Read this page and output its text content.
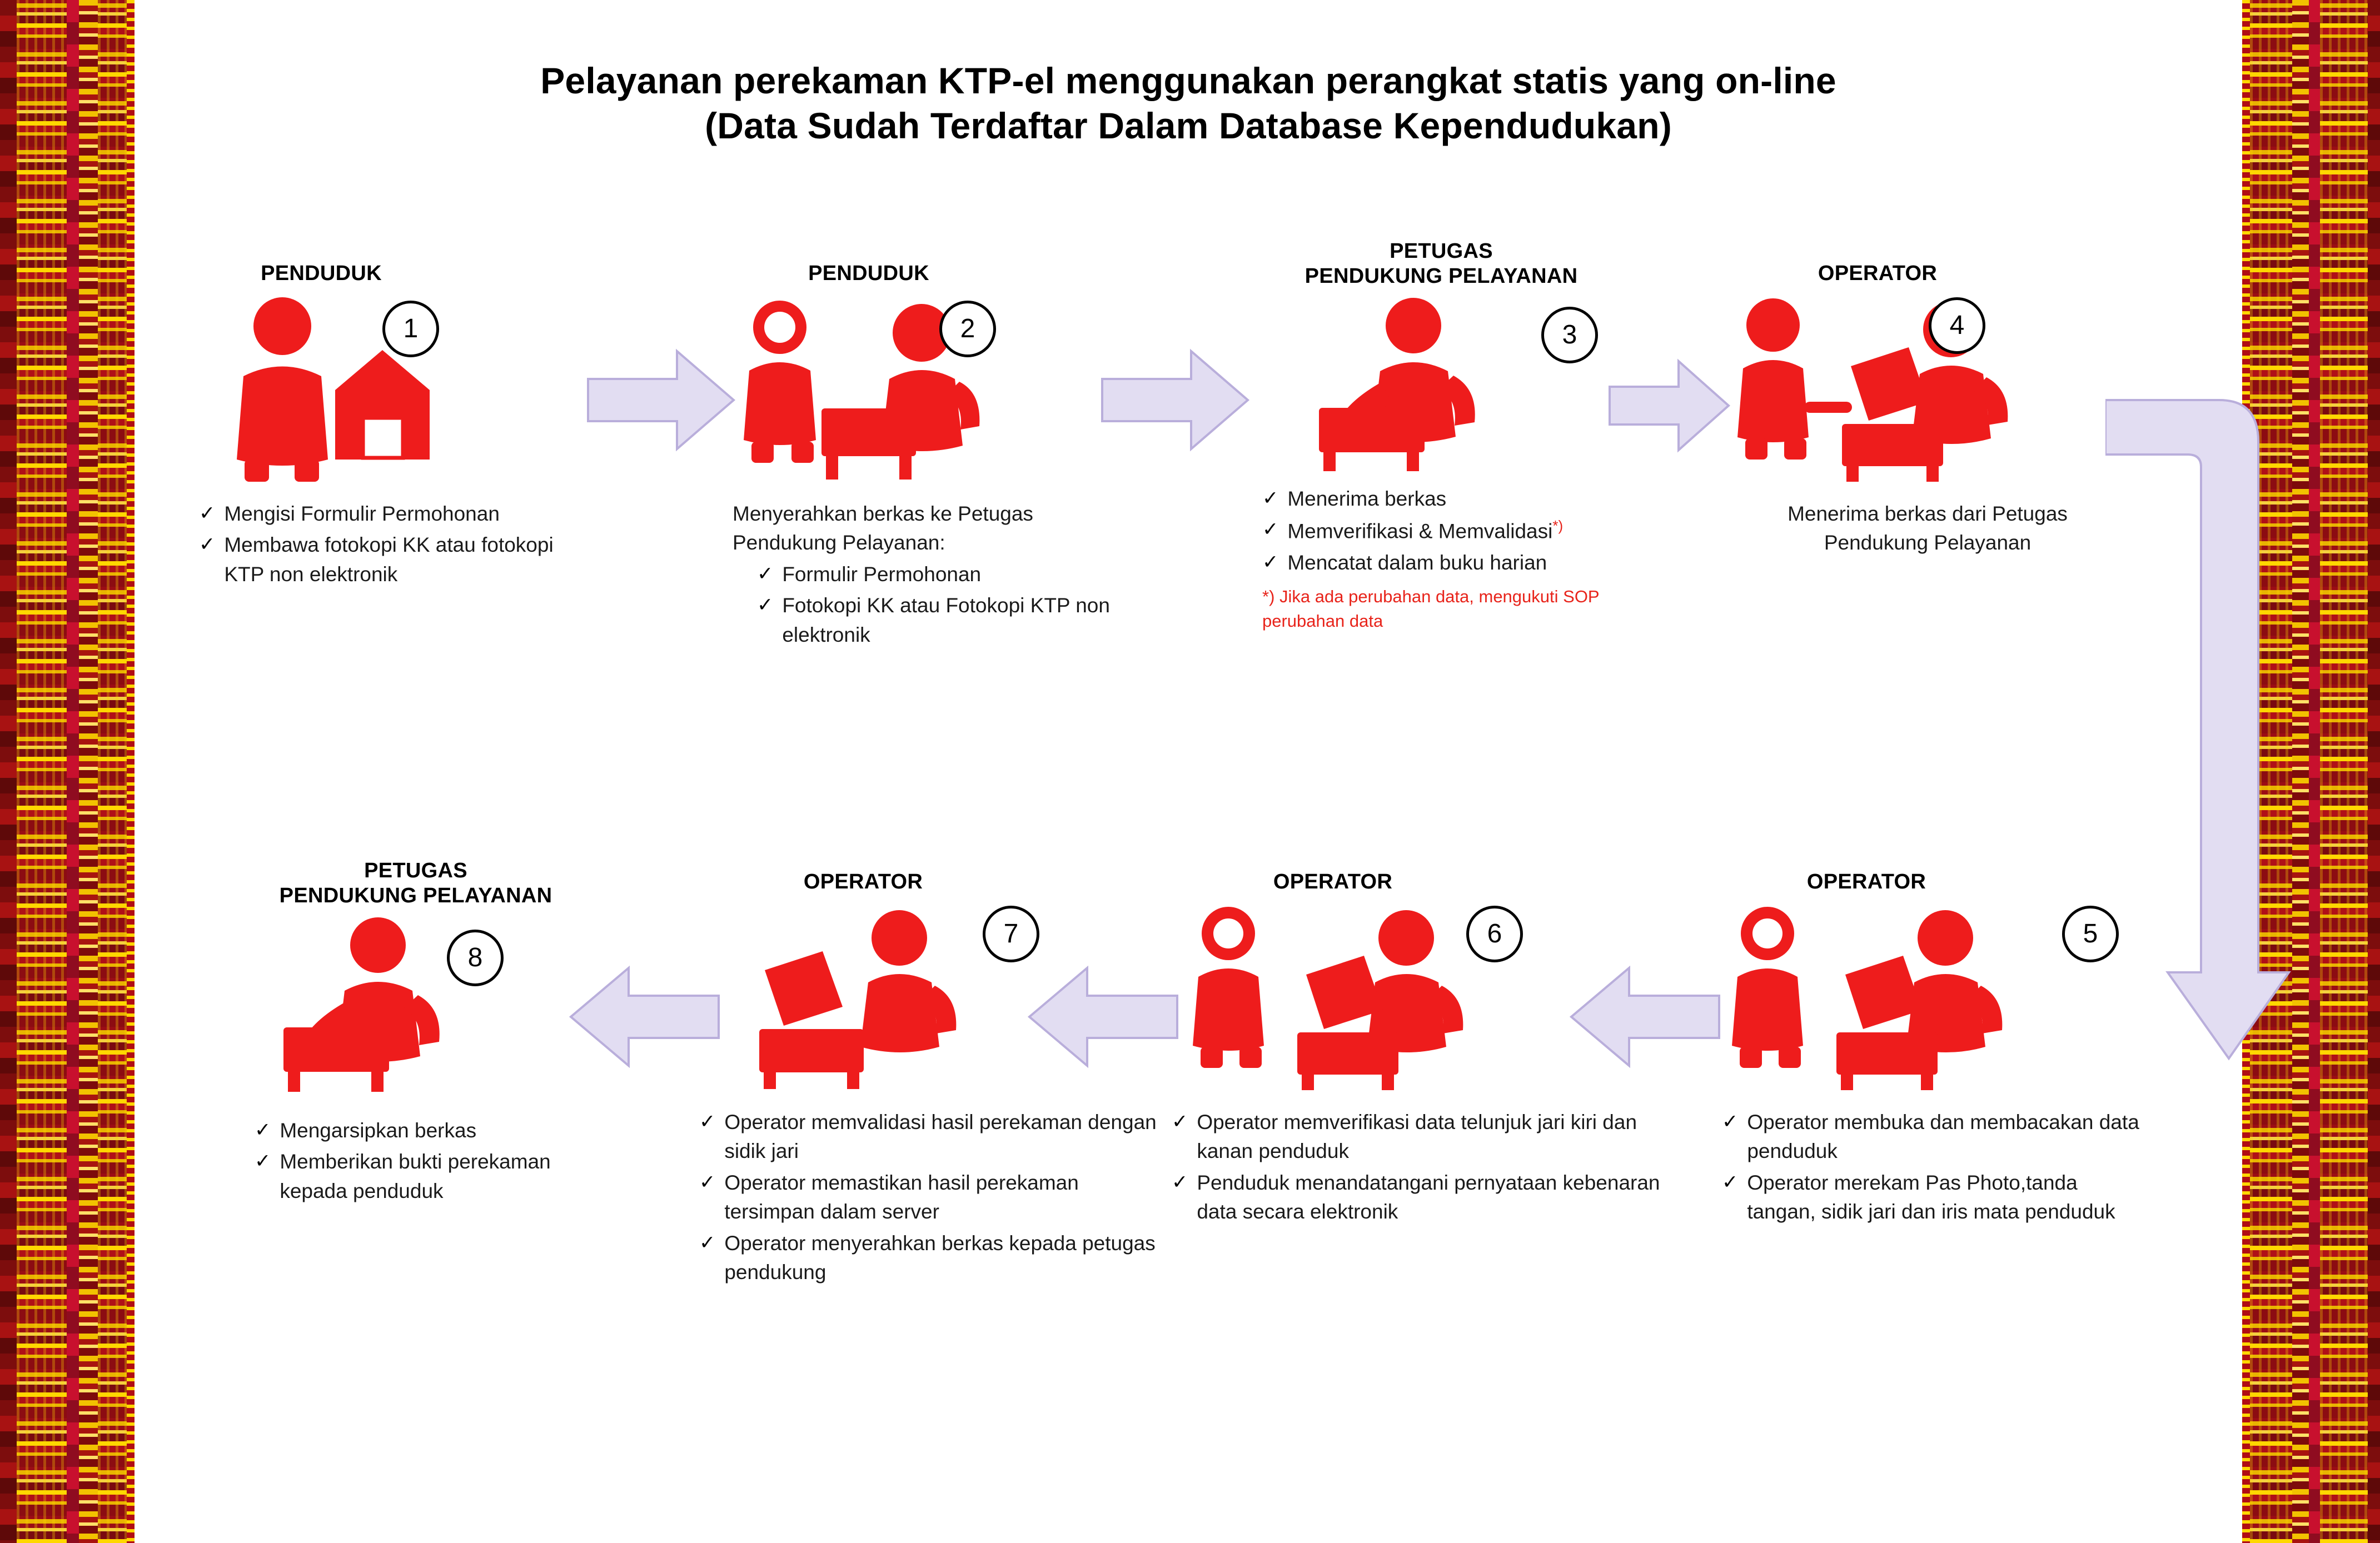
Pelayanan perekaman KTP-el menggunakan perangkat statis yang on-line
(Data Sudah Terdaftar Dalam Database Kependudukan)
PENDUDUK
1
✓ Mengisi Formulir Permohonan
✓ Membawa fotokopi KK atau fotokopi KTP non elektronik
PENDUDUK
2
Menyerahkan berkas ke Petugas Pendukung Pelayanan:
✓ Formulir Permohonan
✓ Fotokopi KK atau Fotokopi KTP non elektronik
PETUGAS
PENDUKUNG PELAYANAN
3
✓ Menerima berkas
✓ Memverifikasi & Memvalidasi*)
✓ Mencatat dalam buku harian
*) Jika ada perubahan data, mengukuti SOP perubahan data
OPERATOR
4
Menerima berkas dari Petugas Pendukung Pelayanan
OPERATOR
5
✓ Operator membuka dan membacakan data penduduk
✓ Operator merekam Pas Photo,tanda tangan, sidik jari dan iris mata penduduk
OPERATOR
6
✓ Operator memverifikasi data telunjuk jari kiri dan kanan penduduk
✓ Penduduk menandatangani pernyataan kebenaran data secara elektronik
OPERATOR
7
✓ Operator memvalidasi hasil perekaman dengan sidik jari
✓ Operator memastikan hasil perekaman tersimpan dalam server
✓ Operator menyerahkan berkas kepada petugas pendukung
PETUGAS
PENDUKUNG PELAYANAN
8
✓ Mengarsipkan berkas
✓ Memberikan bukti perekaman kepada penduduk
